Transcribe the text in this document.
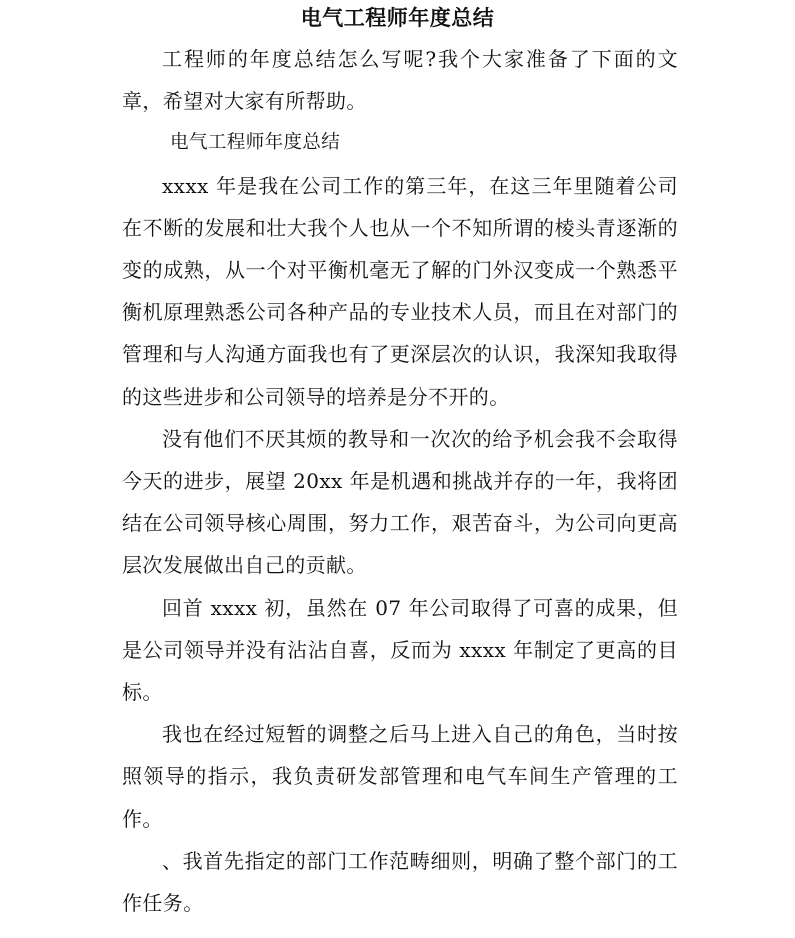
电气工程师年度总结

工程师的年度总结怎么写呢?我个大家准备了下面的文章，希望对大家有所帮助。

电气工程师年度总结

xxxx 年是我在公司工作的第三年，在这三年里随着公司在不断的发展和壮大我个人也从一个不知所谓的棱头青逐渐的变的成熟，从一个对平衡机毫无了解的门外汉变成一个熟悉平衡机原理熟悉公司各种产品的专业技术人员，而且在对部门的管理和与人沟通方面我也有了更深层次的认识，我深知我取得的这些进步和公司领导的培养是分不开的。

没有他们不厌其烦的教导和一次次的给予机会我不会取得今天的进步，展望 20xx 年是机遇和挑战并存的一年，我将团结在公司领导核心周围，努力工作，艰苦奋斗，为公司向更高层次发展做出自己的贡献。

回首 xxxx 初，虽然在 07 年公司取得了可喜的成果，但是公司领导并没有沾沾自喜，反而为 xxxx 年制定了更高的目标。

我也在经过短暂的调整之后马上进入自己的角色，当时按照领导的指示，我负责研发部管理和电气车间生产管理的工作。

、我首先指定的部门工作范畴细则，明确了整个部门的工作任务。
